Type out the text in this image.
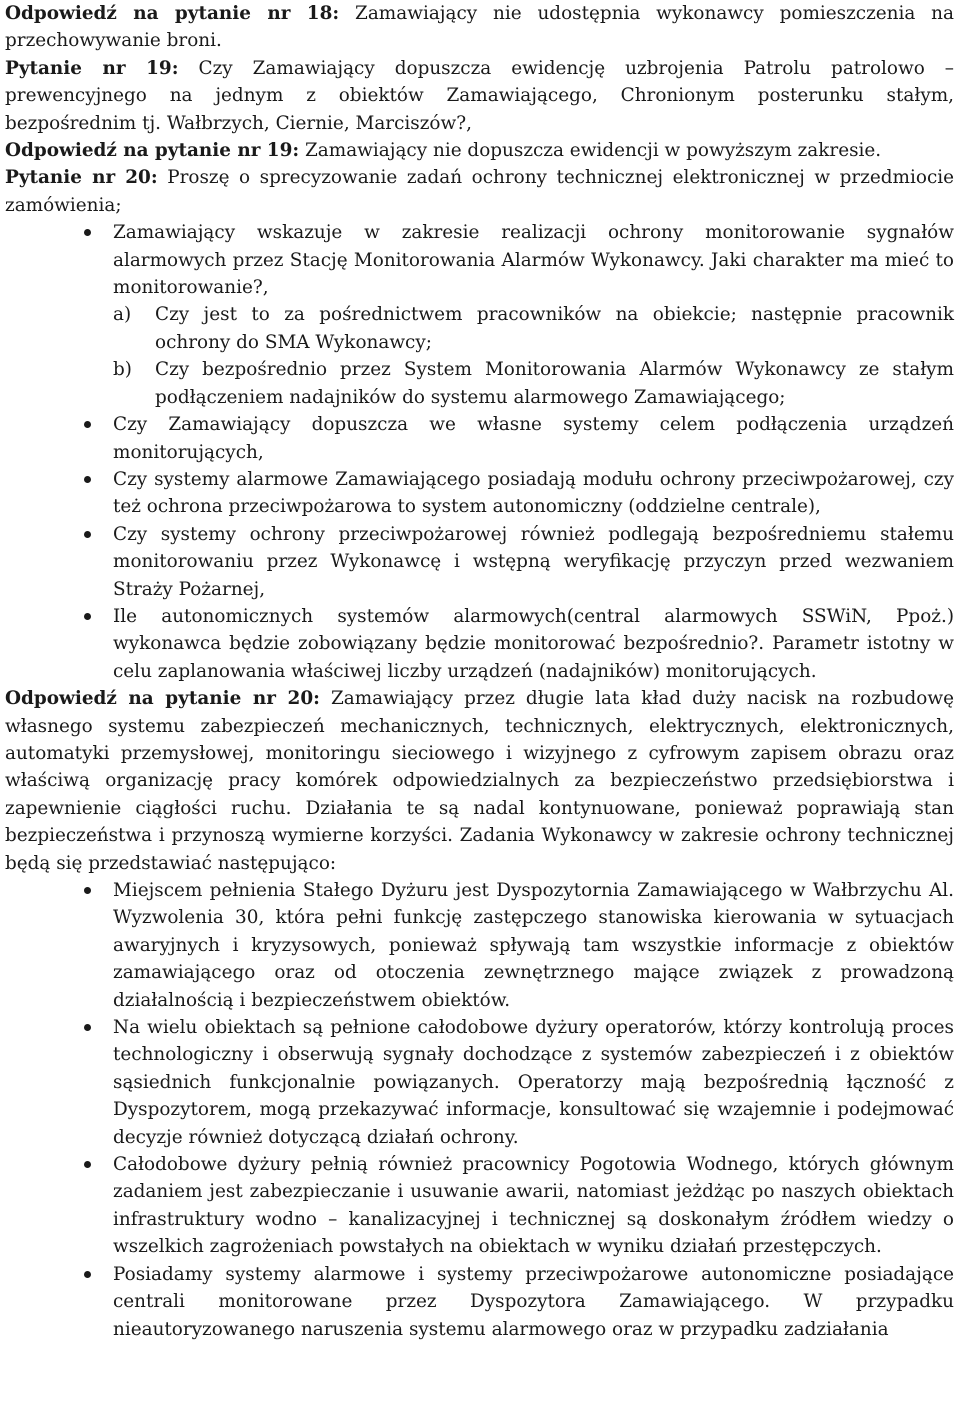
Odpowiedź na pytanie nr 18: Zamawiający nie udostępnia wykonawcy pomieszczenia na przechowywanie broni.

Pytanie nr 19: Czy Zamawiający dopuszcza ewidencję uzbrojenia Patrolu patrolowo – prewencyjnego na jednym z obiektów Zamawiającego, Chronionym posterunku stałym, bezpośrednim tj. Wałbrzych, Ciernie, Marciszów?,

Odpowiedź na pytanie nr 19: Zamawiający nie dopuszcza ewidencji w powyższym zakresie.

Pytanie nr 20: Proszę o sprecyzowanie zadań ochrony technicznej elektronicznej w przedmiocie zamówienia;

Zamawiający wskazuje w zakresie realizacji ochrony monitorowanie sygnałów alarmowych przez Stację Monitorowania Alarmów Wykonawcy. Jaki charakter ma mieć to monitorowanie?,
a) Czy jest to za pośrednictwem pracowników na obiekcie; następnie pracownik ochrony do SMA Wykonawcy;
b) Czy bezpośrednio przez System Monitorowania Alarmów Wykonawcy ze stałym podłączeniem nadajników do systemu alarmowego Zamawiającego;
Czy Zamawiający dopuszcza we własne systemy celem podłączenia urządzeń monitorujących,
Czy systemy alarmowe Zamawiającego posiadają modułu ochrony przeciwpożarowej, czy też ochrona przeciwpożarowa to system autonomiczny (oddzielne centrale),
Czy systemy ochrony przeciwpożarowej również podlegają bezpośredniemu stałemu monitorowaniu przez Wykonawcę i wstępną weryfikację przyczyn przed wezwaniem Straży Pożarnej,
Ile autonomicznych systemów alarmowych(central alarmowych SSWiN, Ppoż.) wykonawca będzie zobowiązany będzie monitorować bezpośrednio?. Parametr istotny w celu zaplanowania właściwej liczby urządzeń (nadajników) monitorujących.

Odpowiedź na pytanie nr 20: Zamawiający przez długie lata kład duży nacisk na rozbudowę własnego systemu zabezpieczeń mechanicznych, technicznych, elektrycznych, elektronicznych, automatyki przemysłowej, monitoringu sieciowego i wizyjnego z cyfrowym zapisem obrazu oraz właściwą organizację pracy komórek odpowiedzialnych za bezpieczeństwo przedsiębiorstwa i zapewnienie ciągłości ruchu. Działania te są nadal kontynuowane, ponieważ poprawiają stan bezpieczeństwa i przynoszą wymierne korzyści. Zadania Wykonawcy w zakresie ochrony technicznej będą się przedstawiać następująco:

Miejscem pełnienia Stałego Dyżuru jest Dyspozytornia Zamawiającego w Wałbrzychu Al. Wyzwolenia 30, która pełni funkcję zastępczego stanowiska kierowania w sytuacjach awaryjnych i kryzysowych, ponieważ spływają tam wszystkie informacje z obiektów zamawiającego oraz od otoczenia zewnętrznego mające związek z prowadzoną działalnością i bezpieczeństwem obiektów.
Na wielu obiektach są pełnione całodobowe dyżury operatorów, którzy kontrolują proces technologiczny i obserwują sygnały dochodzące z systemów zabezpieczeń i z obiektów sąsiednich funkcjonalnie powiązanych. Operatorzy mają bezpośrednią łączność z Dyspozytorem, mogą przekazywać informacje, konsultować się wzajemnie i podejmować decyzje również dotyczącą działań ochrony.
Całodobowe dyżury pełnią również pracownicy Pogotowia Wodnego, których głównym zadaniem jest zabezpieczanie i usuwanie awarii, natomiast jeżdżąc po naszych obiektach infrastruktury wodno – kanalizacyjnej i technicznej są doskonałym źródłem wiedzy o wszelkich zagrożeniach powstałych na obiektach w wyniku działań przestępczych.
Posiadamy systemy alarmowe i systemy przeciwpożarowe autonomiczne posiadające centrali monitorowane przez Dyspozytora Zamawiającego. W przypadku nieautoryzowanego naruszenia systemu alarmowego oraz w przypadku zadziałania
